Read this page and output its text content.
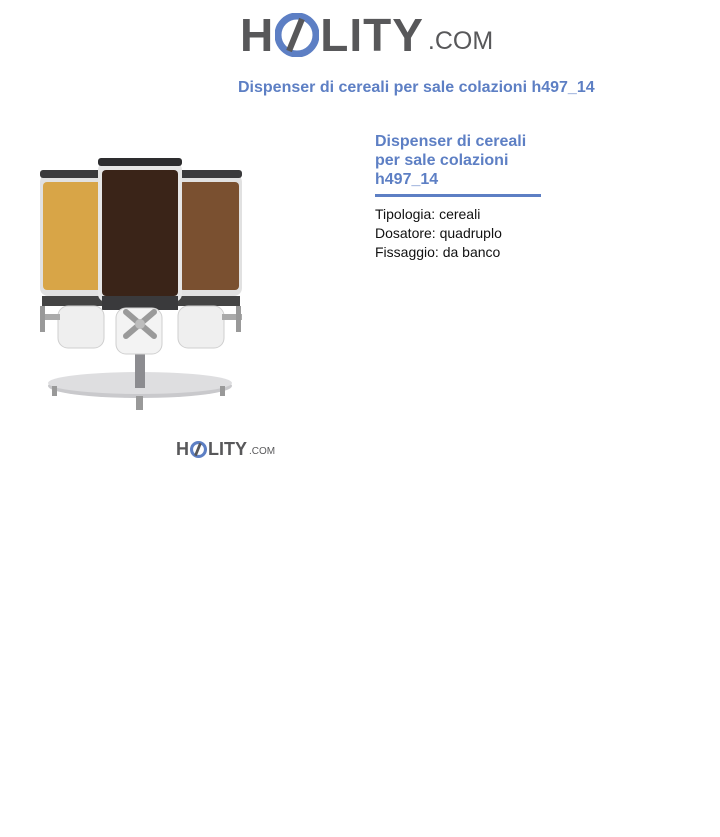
H LITY .COM
Dispenser di cereali per sale colazioni h497_14
H LITY .COM
Dispenser di cereali per sale colazioni h497_14
Tipologia: cereali
Dosatore: quadruplo
Fissaggio: da banco
